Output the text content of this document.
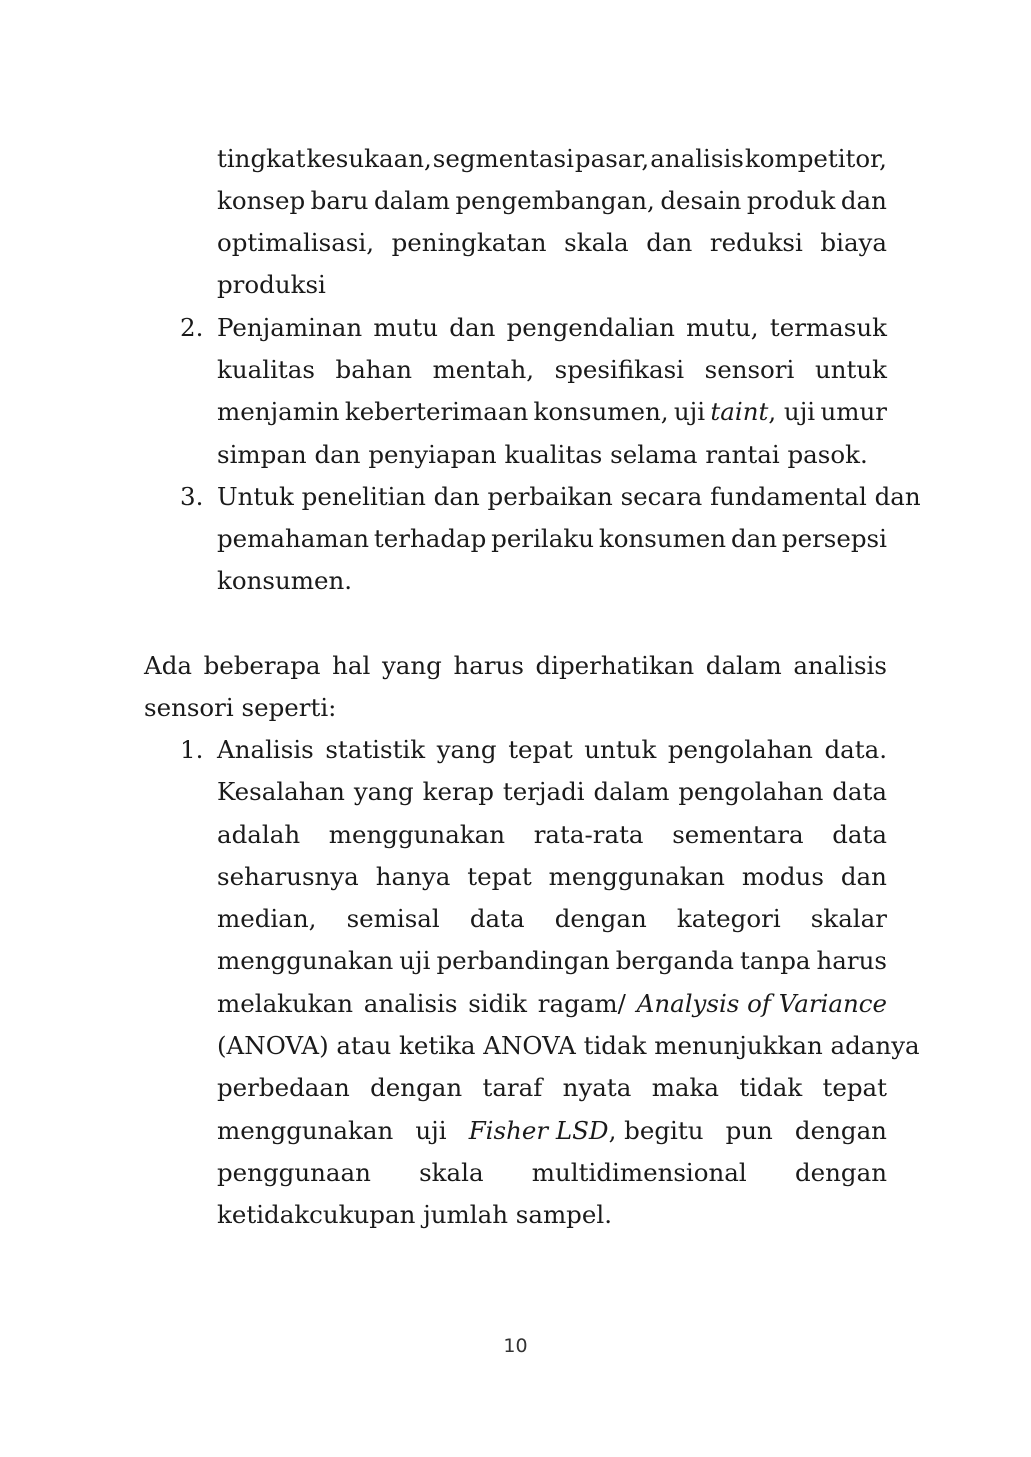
tingkat kesukaan, segmentasi pasar, analisis kompetitor,
konsep baru dalam pengembangan, desain produk dan
optimalisasi, peningkatan skala dan reduksi biaya
produksi
2. Penjaminan mutu dan pengendalian mutu, termasuk
kualitas bahan mentah, spesifikasi sensori untuk
menjamin keberterimaan konsumen, uji taint, uji umur
simpan dan penyiapan kualitas selama rantai pasok.
3. Untuk penelitian dan perbaikan secara fundamental dan
pemahaman terhadap perilaku konsumen dan persepsi
konsumen.
Ada beberapa hal yang harus diperhatikan dalam analisis
sensori seperti:
1. Analisis statistik yang tepat untuk pengolahan data.
Kesalahan yang kerap terjadi dalam pengolahan data
adalah menggunakan rata-rata sementara data
seharusnya hanya tepat menggunakan modus dan
median, semisal data dengan kategori skalar
menggunakan uji perbandingan berganda tanpa harus
melakukan analisis sidik ragam/ Analysis of Variance
(ANOVA) atau ketika ANOVA tidak menunjukkan adanya
perbedaan dengan taraf nyata maka tidak tepat
menggunakan uji Fisher LSD, begitu pun dengan
penggunaan skala multidimensional dengan
ketidakcukupan jumlah sampel.
10
